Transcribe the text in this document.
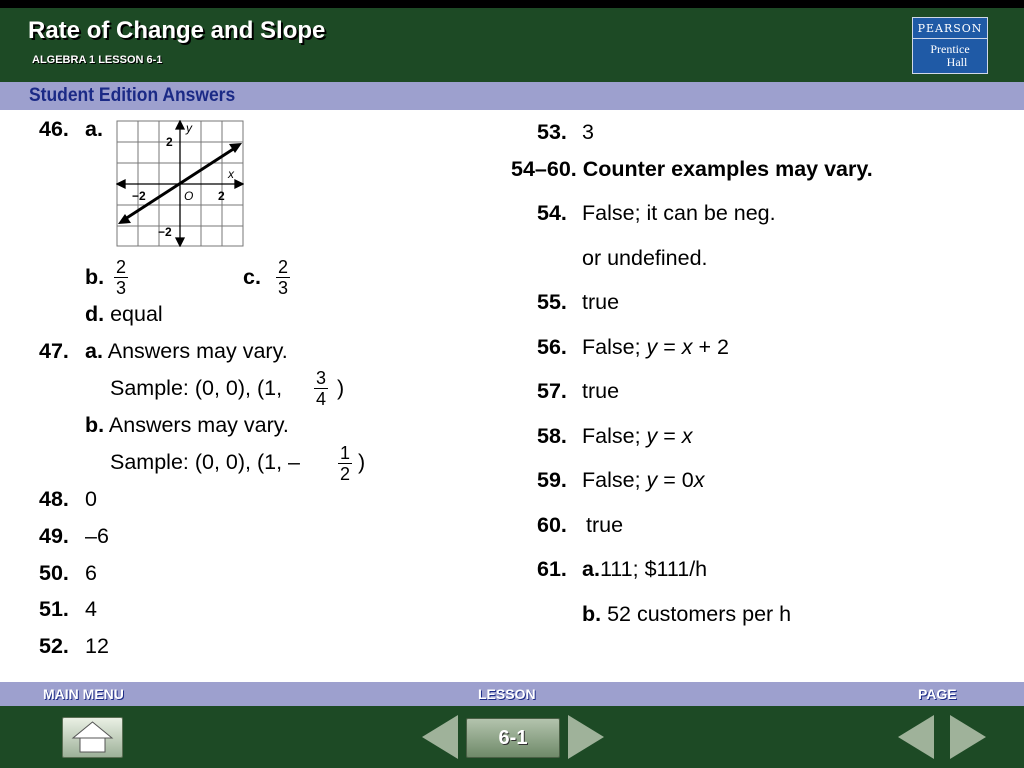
Rate of Change and Slope
ALGEBRA 1 LESSON 6-1
PEARSON
Prentice
Hall
Student Edition Answers
46. a.	y
x
O
2
2
−2
−2
b. $\frac{2}{3}$	c. $\frac{2}{3}$
d. equal
47. a. Answers may vary.
Sample: (0, 0), (1, $\frac{3}{4}$ )
b. Answers may vary.
Sample: (0, 0), (1, – $\frac{1}{2}$ )
48. 0
49. –6
50. 6
51. 4
52. 12
53. 3
54–60. Counter examples may vary.
54. False; it can be neg.
or undefined.
55. true
56. False; y = x + 2
57. true
58. False; y = x
59. False; y = 0x
60. true
61. a.111; $111/h
b. 52 customers per h
MAIN MENU	LESSON	PAGE
6-1
